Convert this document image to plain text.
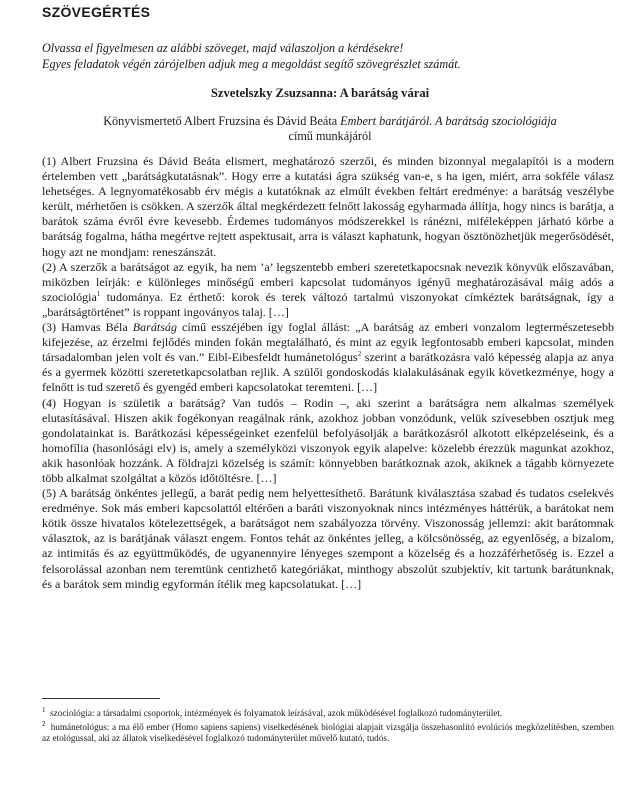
SZÖVEGÉRTÉS
Olvassa el figyelmesen az alábbi szöveget, majd válaszoljon a kérdésekre!
Egyes feladatok végén zárójelben adjuk meg a megoldást segítő szövegrészlet számát.
Szvetelszky Zsuzsanna: A barátság várai
Könyvismertető Albert Fruzsina és Dávid Beáta Embert barátjáról. A barátság szociológiája
című munkájáról

(1) Albert Fruzsina és Dávid Beáta elismert, meghatározó szerzői, és minden bizonnyal megalapítói is a modern értelemben vett „barátságkutatásnak”. Hogy erre a kutatási ágra szükség van-e, s ha igen, miért, arra sokféle válasz lehetséges. A legnyomatékosabb érv mégis a kutatóknak az elmúlt években feltárt eredménye: a barátság veszélybe került, mérhetően is csökken. A szerzők által megkérdezett felnőtt lakosság egyharmada állítja, hogy nincs is barátja, a barátok száma évről évre kevesebb. Érdemes tudományos módszerekkel is ránézni, miféleképpen járható körbe a barátság fogalma, hátha megértve rejtett aspektusait, arra is választ kaphatunk, hogyan ösztönözhetjük megerősödését, hogy azt ne mondjam: reneszánszát.

(2) A szerzők a barátságot az egyik, ha nem ’a’ legszentebb emberi szeretetkapocsnak nevezik könyvük előszavában, miközben leírják: e különleges minőségű emberi kapcsolat tudományos igényű meghatározásával máig adós a szociológia$^1$ tudománya. Ez érthető: korok és terek változó tartalmú viszonyokat címkéztek barátságnak, így a „barátságtörténet” is roppant ingoványos talaj. […]

(3) Hamvas Béla Barátság című esszéjében így foglal állást: „A barátság az emberi vonzalom legtermészetesebb kifejezése, az érzelmi fejlődés minden fokán megtalálható, és mint az egyik legfontosabb emberi kapcsolat, minden társadalomban jelen volt és van.” Eibl-Eibesfeldt humánetológus$^2$ szerint a barátkozásra való képesség alapja az anya és a gyermek közötti szeretetkapcsolatban rejlik. A szülői gondoskodás kialakulásának egyik következménye, hogy a felnőtt is tud szerető és gyengéd emberi kapcsolatokat teremteni. […]

(4) Hogyan is születik a barátság? Van tudós – Rodin –, aki szerint a barátságra nem alkalmas személyek elutasításával. Hiszen akik fogékonyan reagálnak ránk, azokhoz jobban vonzódunk, velük szívesebben osztjuk meg gondolatainkat is. Barátkozási képességeinket ezenfelül befolyásolják a barátkozásról alkotott elképzeléseink, és a homofília (hasonlósági elv) is, amely a személyközi viszonyok egyik alapelve: közelebb érezzük magunkat azokhoz, akik hasonlóak hozzánk. A földrajzi közelség is számít: könnyebben barátkoznak azok, akiknek a tágabb környezete több alkalmat szolgáltat a közös időtöltésre. […]

(5) A barátság önkéntes jellegű, a barát pedig nem helyettesíthető. Barátunk kiválasztása szabad és tudatos cselekvés eredménye. Sok más emberi kapcsolattól eltérően a baráti viszonyoknak nincs intézményes háttérük, a barátokat nem kötik össze hivatalos kötelezettségek, a barátságot nem szabályozza törvény. Viszonosság jellemzi: akit barátomnak választok, az is barátjának választ engem. Fontos tehát az önkéntes jelleg, a kölcsönösség, az egyenlőség, a bizalom, az intimitás és az együttműködés, de ugyanennyire lényeges szempont a közelség és a hozzáférhetőség is. Ezzel a felsorolással azonban nem teremtünk centizhető kategóriákat, minthogy abszolút szubjektív, kit tartunk barátunknak, és a barátok sem mindig egyformán ítélik meg kapcsolatukat. […]

$^1$ szociológia: a társadalmi csoportok, intézmények és folyamatok leírásával, azok működésével foglalkozó tudományterület.

$^2$ humánetológus: a ma élő ember (Homo sapiens sapiens) viselkedésének biológiai alapjait vizsgálja összehasonlító evolúciós megközelítésben, szemben az etológussal, aki az állatok viselkedésével foglalkozó tudományterület művelő kutató, tudós.
